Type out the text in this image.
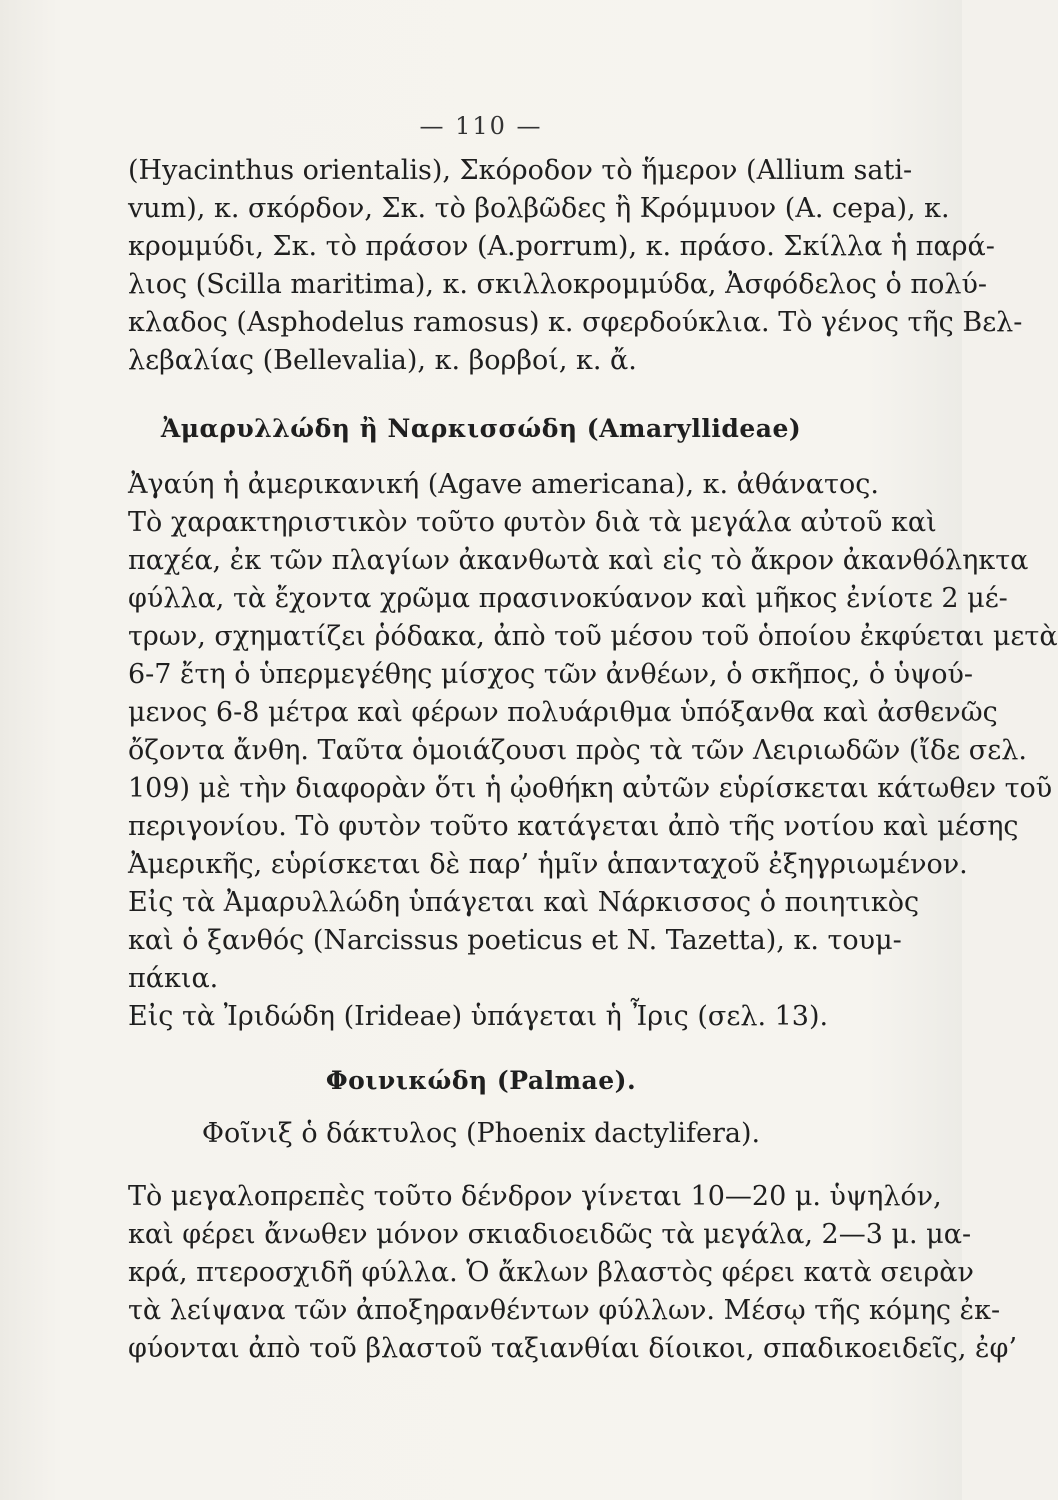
— 110 —
(Hyacinthus orientalis), Σκόροδον τὸ ἥμερον (Allium sati-
vum), κ. σκόρδον, Σκ. τὸ βολβῶδες ἢ Κρόμμυον (A. cepa), κ.
κρομμύδι, Σκ. τὸ πράσον (A.porrum), κ. πράσο. Σκίλλα ἡ παρά-
λιος (Scilla maritima), κ. σκιλλοκρομμύδα, Ἀσφόδελος ὁ πολύ-
κλαδος (Asphodelus ramosus) κ. σφερδούκλια. Τὸ γένος τῆς Βελ-
λεβαλίας (Bellevalia), κ. βορβοί, κ. ἄ.
Ἀμαρυλλώδη ἢ Ναρκισσώδη (Amaryllideae)
Ἀγαύη ἡ ἀμερικανική (Agave americana), κ. ἀθάνατος.
Τὸ χαρακτηριστικὸν τοῦτο φυτὸν διὰ τὰ μεγάλα αὐτοῦ καὶ
παχέα, ἐκ τῶν πλαγίων ἀκανθωτὰ καὶ εἰς τὸ ἄκρον ἀκανθόληκτα
φύλλα, τὰ ἔχοντα χρῶμα πρασινοκύανον καὶ μῆκος ἐνίοτε 2 μέ-
τρων, σχηματίζει ῥόδακα, ἀπὸ τοῦ μέσου τοῦ ὁποίου ἐκφύεται μετὰ
6-7 ἔτη ὁ ὑπερμεγέθης μίσχος τῶν ἀνθέων, ὁ σκῆπος, ὁ ὑψού-
μενος 6-8 μέτρα καὶ φέρων πολυάριθμα ὑπόξανθα καὶ ἀσθενῶς
ὄζοντα ἄνθη. Ταῦτα ὁμοιάζουσι πρὸς τὰ τῶν Λειριωδῶν (ἴδε σελ.
109) μὲ τὴν διαφορὰν ὅτι ἡ ᾠοθήκη αὐτῶν εὑρίσκεται κάτωθεν τοῦ
περιγονίου. Τὸ φυτὸν τοῦτο κατάγεται ἀπὸ τῆς νοτίου καὶ μέσης
Ἀμερικῆς, εὑρίσκεται δὲ παρ’ ἡμῖν ἁπανταχοῦ ἐξηγριωμένον.
Εἰς τὰ Ἀμαρυλλώδη ὑπάγεται καὶ Νάρκισσος ὁ ποιητικὸς
καὶ ὁ ξανθός (Narcissus poeticus et N. Tazetta), κ. τουμ-
πάκια.
Εἰς τὰ Ἰριδώδη (Irideae) ὑπάγεται ἡ Ἶρις (σελ. 13).
Φοινικώδη (Palmae).
Φοῖνιξ ὁ δάκτυλος (Phoenix dactylifera).
Τὸ μεγαλοπρεπὲς τοῦτο δένδρον γίνεται 10—20 μ. ὑψηλόν,
καὶ φέρει ἄνωθεν μόνον σκιαδιοειδῶς τὰ μεγάλα, 2—3 μ. μα-
κρά, πτεροσχιδῆ φύλλα. Ὁ ἄκλων βλαστὸς φέρει κατὰ σειρὰν
τὰ λείψανα τῶν ἀποξηρανθέντων φύλλων. Μέσῳ τῆς κόμης ἐκ-
φύονται ἀπὸ τοῦ βλαστοῦ ταξιανθίαι δίοικοι, σπαδικοειδεῖς, ἐφ’
